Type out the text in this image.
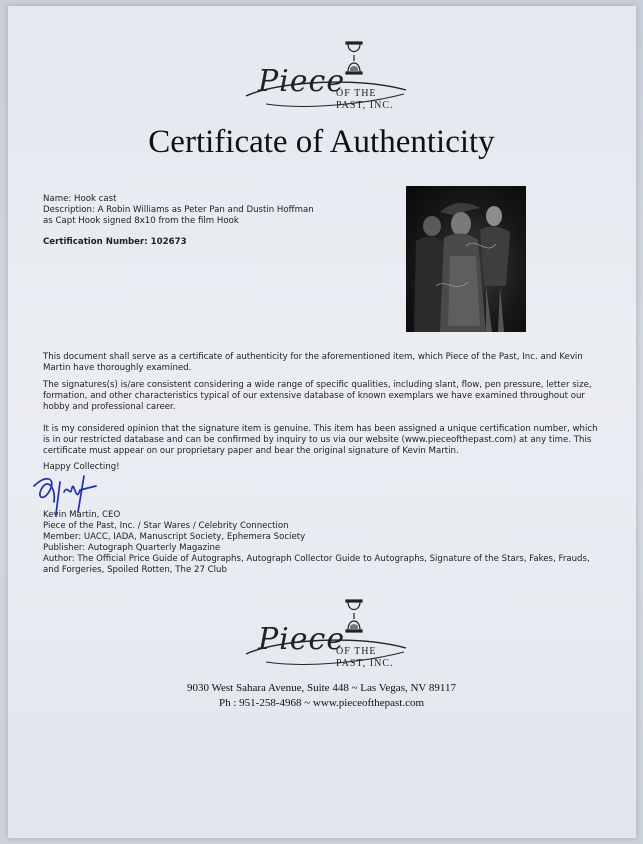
Piece
OF THE PAST, INC.
Certificate of Authenticity
Name: Hook cast
Description: A Robin Williams as Peter Pan and Dustin Hoffman
as Capt Hook signed 8x10 from the film Hook
Certification Number: 102673
This document shall serve as a certificate of authenticity for the aforementioned item, which Piece of the Past, Inc. and Kevin
Martin have thoroughly examined.
The signatures(s) is/are consistent considering a wide range of specific qualities, including slant, flow, pen pressure, letter size,
formation, and other characteristics typical of our extensive database of known exemplars we have examined throughout our
hobby and professional career.
It is my considered opinion that the signature item is genuine. This item has been assigned a unique certification number, which
is in our restricted database and can be confirmed by inquiry to us via our website (www.pieceofthepast.com) at any time. This
certificate must appear on our proprietary paper and bear the original signature of Kevin Martin.
Happy Collecting!
Kevin Martin, CEO
Piece of the Past, Inc. / Star Wares / Celebrity Connection
Member: UACC, IADA, Manuscript Society, Ephemera Society
Publisher: Autograph Quarterly Magazine
Author: The Official Price Guide of Autographs, Autograph Collector Guide to Autographs, Signature of the Stars, Fakes, Frauds,
and Forgeries, Spoiled Rotten, The 27 Club
Piece
OF THE PAST, INC.
9030 West Sahara Avenue, Suite 448 ~ Las Vegas, NV 89117
Ph : 951-258-4968 ~ www.pieceofthepast.com
